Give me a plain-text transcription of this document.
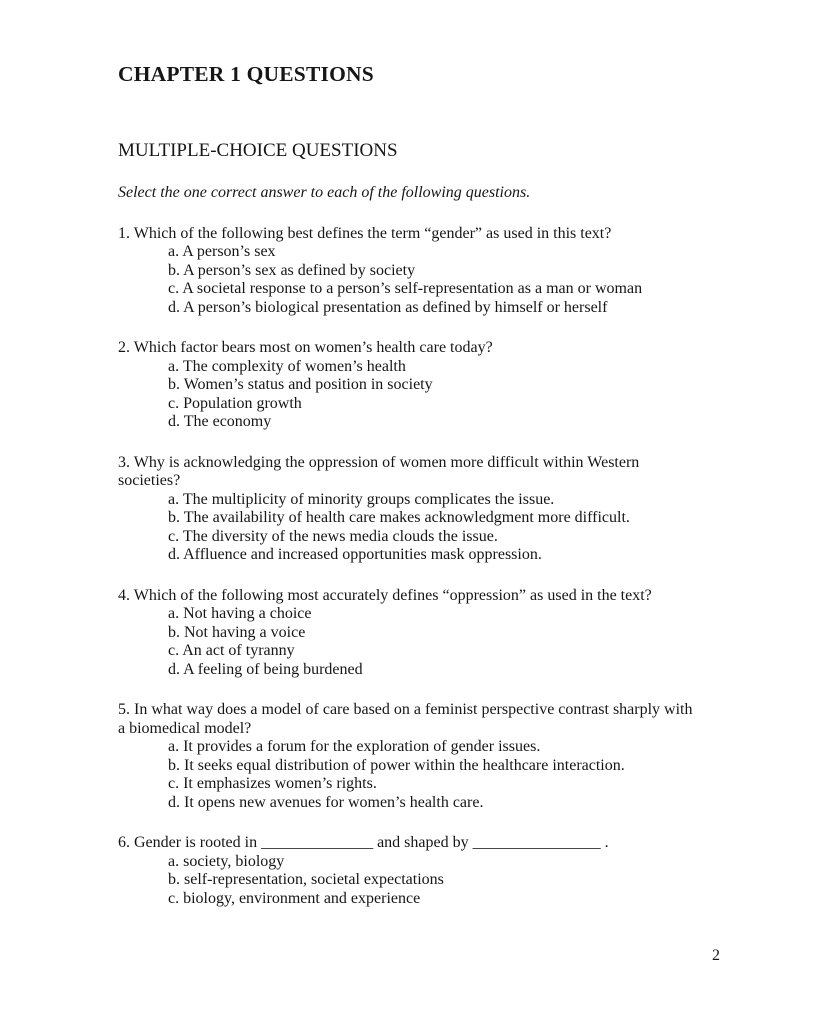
CHAPTER 1 QUESTIONS
MULTIPLE-CHOICE QUESTIONS
Select the one correct answer to each of the following questions.
1. Which of the following best defines the term “gender” as used in this text?
a. A person’s sex
b. A person’s sex as defined by society
c. A societal response to a person’s self-representation as a man or woman
d. A person’s biological presentation as defined by himself or herself
2. Which factor bears most on women’s health care today?
a. The complexity of women’s health
b. Women’s status and position in society
c. Population growth
d. The economy
3. Why is acknowledging the oppression of women more difficult within Western
societies?
a. The multiplicity of minority groups complicates the issue.
b. The availability of health care makes acknowledgment more difficult.
c. The diversity of the news media clouds the issue.
d. Affluence and increased opportunities mask oppression.
4. Which of the following most accurately defines “oppression” as used in the text?
a. Not having a choice
b. Not having a voice
c. An act of tyranny
d. A feeling of being burdened
5. In what way does a model of care based on a feminist perspective contrast sharply with
a biomedical model?
a. It provides a forum for the exploration of gender issues.
b. It seeks equal distribution of power within the healthcare interaction.
c. It emphasizes women’s rights.
d. It opens new avenues for women’s health care.
6. Gender is rooted in ______________ and shaped by ________________ .
a. society, biology
b. self-representation, societal expectations
c. biology, environment and experience
2
